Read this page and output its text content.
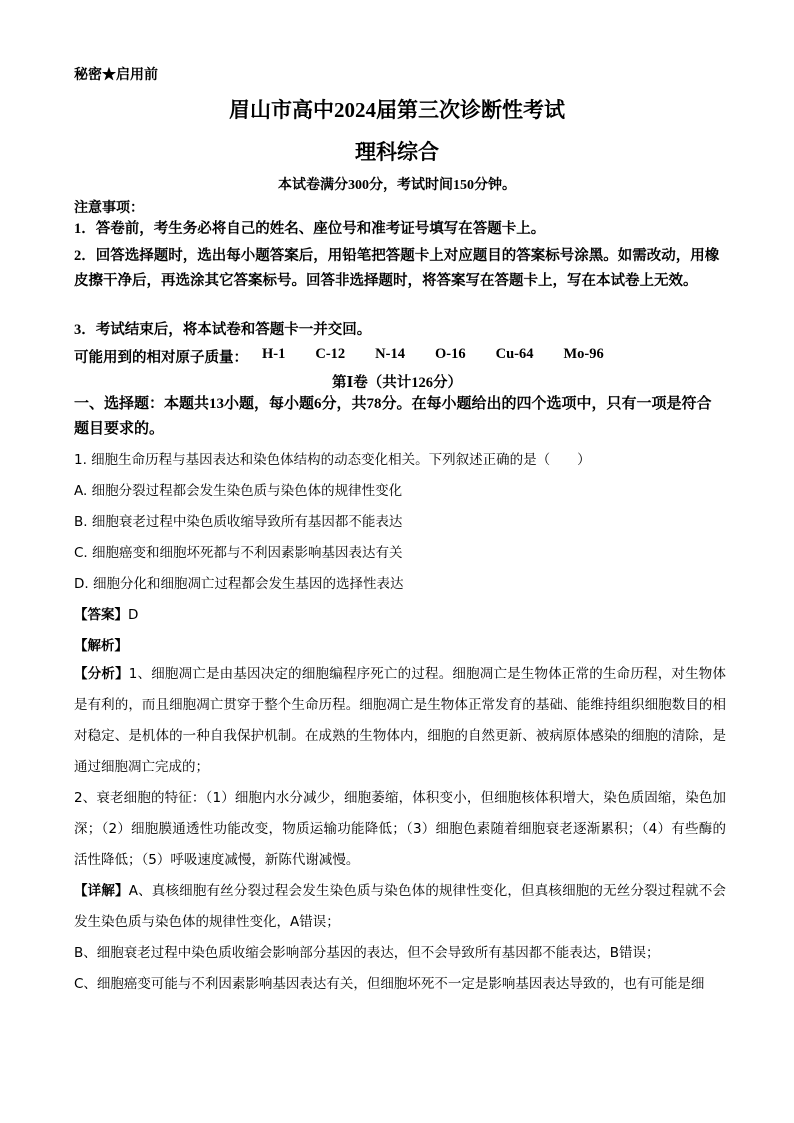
秘密★启用前
眉山市高中2024届第三次诊断性考试
理科综合
本试卷满分300分，考试时间150分钟。
注意事项：
1．答卷前，考生务必将自己的姓名、座位号和准考证号填写在答题卡上。
2．回答选择题时，选出每小题答案后，用铅笔把答题卡上对应题目的答案标号涂黑。如需改动，用橡皮擦干净后，再选涂其它答案标号。回答非选择题时，将答案写在答题卡上，写在本试卷上无效。
3．考试结束后，将本试卷和答题卡一并交回。
可能用到的相对原子质量： H-1 C-12 N-14 O-16 Cu-64 Mo-96
第Ⅰ卷（共计126分）
一、选择题：本题共13小题，每小题6分，共78分。在每小题给出的四个选项中，只有一项是符合题目要求的。
1. 细胞生命历程与基因表达和染色体结构的动态变化相关。下列叙述正确的是（　　）
A. 细胞分裂过程都会发生染色质与染色体的规律性变化
B. 细胞衰老过程中染色质收缩导致所有基因都不能表达
C. 细胞癌变和细胞坏死都与不利因素影响基因表达有关
D. 细胞分化和细胞凋亡过程都会发生基因的选择性表达
【答案】D
【解析】
【分析】1、细胞凋亡是由基因决定的细胞编程序死亡的过程。细胞凋亡是生物体正常的生命历程，对生物体是有利的，而且细胞凋亡贯穿于整个生命历程。细胞凋亡是生物体正常发育的基础、能维持组织细胞数目的相对稳定、是机体的一种自我保护机制。在成熟的生物体内，细胞的自然更新、被病原体感染的细胞的清除，是通过细胞凋亡完成的；
2、衰老细胞的特征：（1）细胞内水分减少，细胞萎缩，体积变小，但细胞核体积增大，染色质固缩，染色加深；（2）细胞膜通透性功能改变，物质运输功能降低；（3）细胞色素随着细胞衰老逐渐累积；（4）有些酶的活性降低；（5）呼吸速度减慢，新陈代谢减慢。
【详解】A、真核细胞有丝分裂过程会发生染色质与染色体的规律性变化，但真核细胞的无丝分裂过程就不会发生染色质与染色体的规律性变化，A错误；
B、细胞衰老过程中染色质收缩会影响部分基因的表达，但不会导致所有基因都不能表达，B错误；
C、细胞癌变可能与不利因素影响基因表达有关，但细胞坏死不一定是影响基因表达导致的，也有可能是细
